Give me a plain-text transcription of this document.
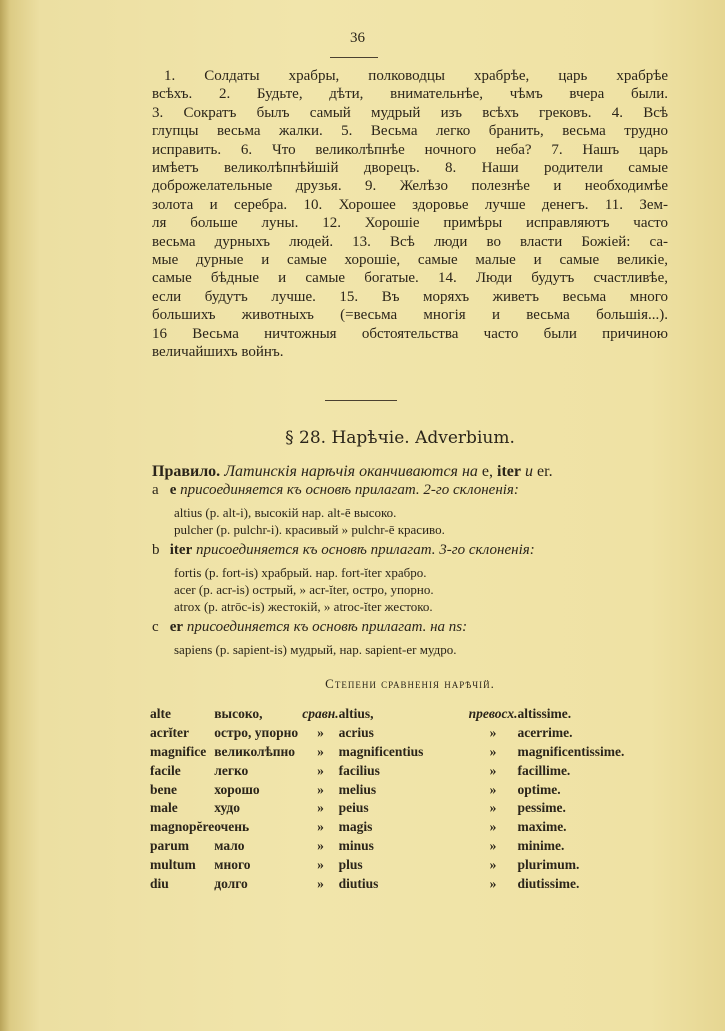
36
1. Солдаты храбры, полководцы храбрѣе, царь храбрѣе
всѣхъ. 2. Будьте, дѣти, внимательнѣе, чѣмъ вчера были.
3. Сократъ былъ самый мудрый изъ всѣхъ грековъ. 4. Всѣ
глупцы весьма жалки. 5. Весьма легко бранить, весьма трудно
исправить. 6. Что великолѣпнѣе ночного неба? 7. Нашъ царь
имѣетъ великолѣпнѣйшій дворецъ. 8. Наши родители самые
доброжелательные друзья. 9. Желѣзо полезнѣе и необходимѣе
золота и серебра. 10. Хорошее здоровье лучше денегъ. 11. Зем-
ля больше луны. 12. Хорошіе примѣры исправляютъ часто
весьма дурныхъ людей. 13. Всѣ люди во власти Божіей: са-
мые дурные и самые хорошіе, самые малые и самые великіе,
самые бѣдные и самые богатые. 14. Люди будутъ счастливѣе,
если будутъ лучше. 15. Въ моряхъ живетъ весьма много
большихъ животныхъ (=весьма многія и весьма большія...).
16 Весьма ничтожныя обстоятельства часто были причиною
величайшихъ войнъ.
§ 28. Нарѣчіе. Adverbium.
Правило. Латинскія нарѣчія оканчиваются на e, iter и er.
a e присоединяется къ основѣ прилагат. 2-го склоненія:
altius (p. alt-i), высокій нар. alt-ē высоко.
pulcher (p. pulchr-i). красивый » pulchr-ē красиво.
b iter присоединяется къ основѣ прилагат. 3-го склоненія:
fortis (p. fort-is) храбрый. нар. fort-ĭter храбро.
acer (p. acr-is) острый, » acr-ĭter, остро, упорно.
atrox (p. atrōc-is) жестокій, » atroc-ĭter жестоко.
c er присоединяется къ основѣ прилагат. на ns:
sapiens (p. sapient-is) мудрый, нар. sapient-er мудро.
Степени сравненія нарѣчій.
alte	высоко,	сравн.	altius,	превосх.	altissime.
acrĭter	остро, упорно	»	acrius	»	acerrime.
magnifice	великолѣпно	»	magnificentius	»	magnificentissime.
facile	легко	»	facilius	»	facillime.
bene	хорошо	»	melius	»	optime.
male	худо	»	peius	»	pessime.
magnopĕre	очень	»	magis	»	maxime.
parum	мало	»	minus	»	minime.
multum	много	»	plus	»	plurimum.
diu	долго	»	diutius	»	diutissime.
